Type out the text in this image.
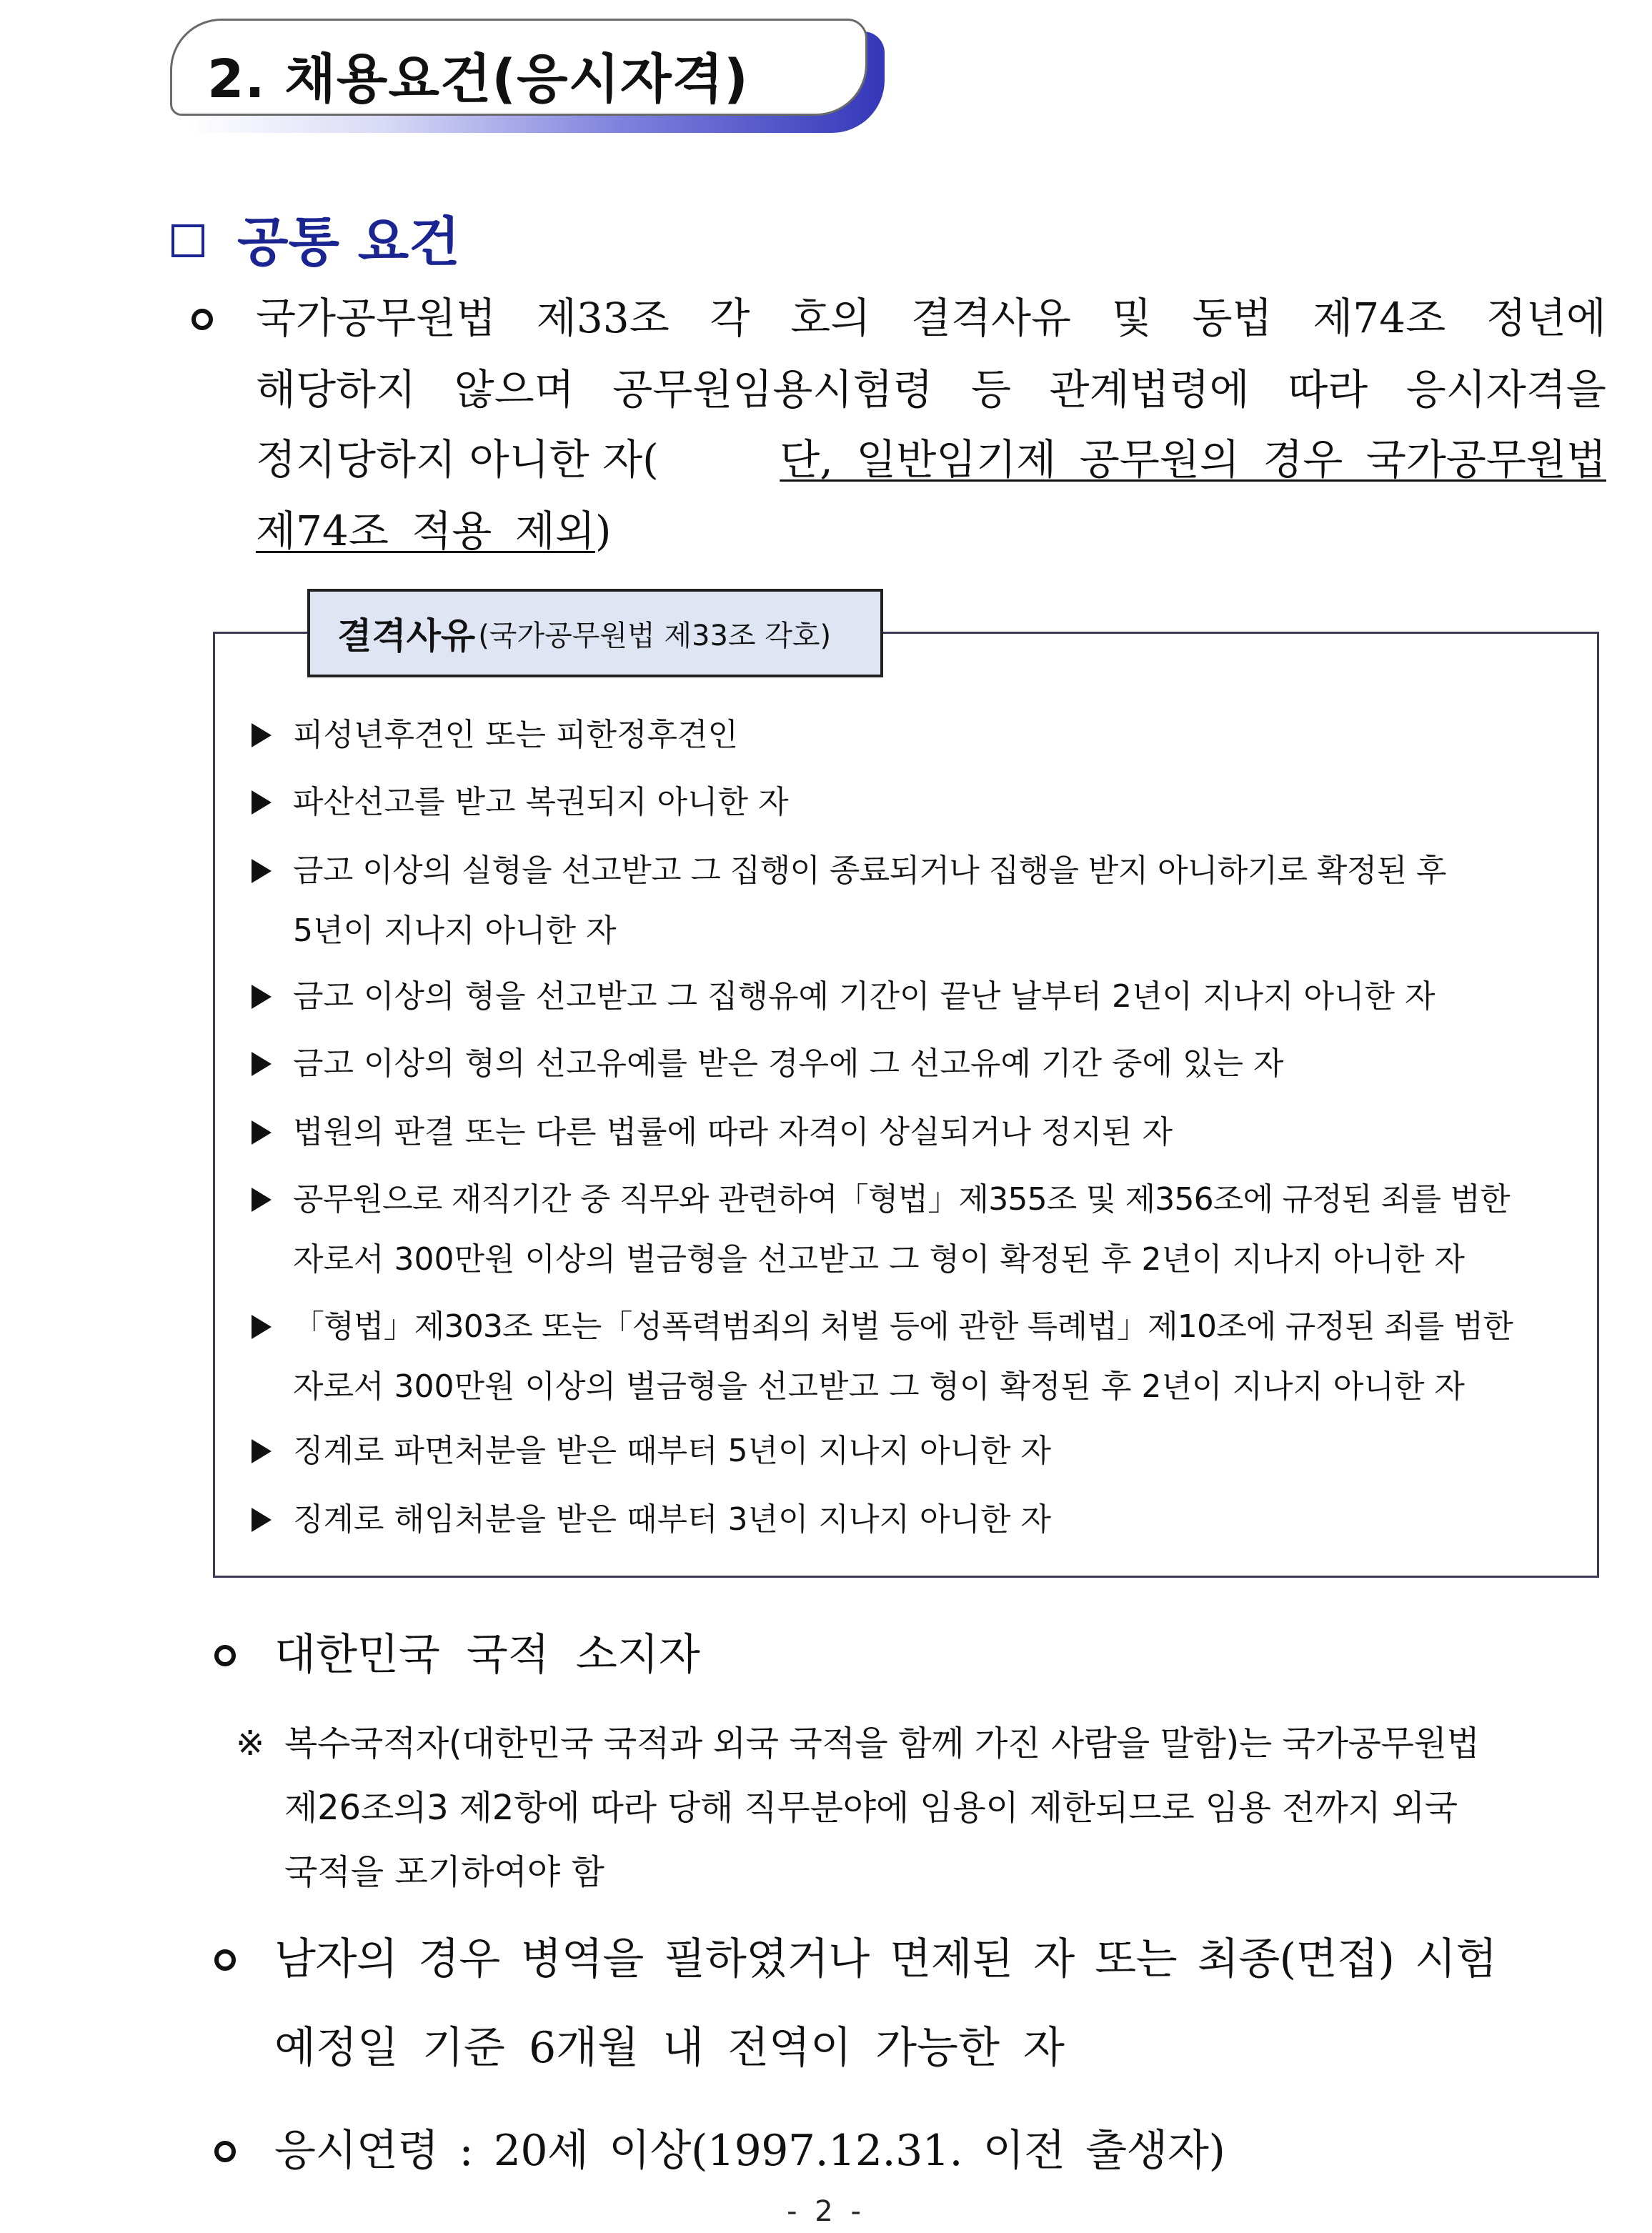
2. 채용요건(응시자격)
공통 요건
국가공무원법 제33조 각 호의 결격사유 및 동법 제74조 정년에
해당하지 않으며 공무원임용시험령 등 관계법령에 따라 응시자격을
정지당하지 아니한 자(	단, 일반임기제 공무원의 경우 국가공무원법
제74조 적용 제외)
결격사유 (국가공무원법 제33조 각호)
피성년후견인 또는 피한정후견인
파산선고를 받고 복권되지 아니한 자
금고 이상의 실형을 선고받고 그 집행이 종료되거나 집행을 받지 아니하기로 확정된 후
5년이 지나지 아니한 자
금고 이상의 형을 선고받고 그 집행유예 기간이 끝난 날부터 2년이 지나지 아니한 자
금고 이상의 형의 선고유예를 받은 경우에 그 선고유예 기간 중에 있는 자
법원의 판결 또는 다른 법률에 따라 자격이 상실되거나 정지된 자
공무원으로 재직기간 중 직무와 관련하여「형법」제355조 및 제356조에 규정된 죄를 범한
자로서 300만원 이상의 벌금형을 선고받고 그 형이 확정된 후 2년이 지나지 아니한 자
「형법」제303조 또는「성폭력범죄의 처벌 등에 관한 특례법」제10조에 규정된 죄를 범한
자로서 300만원 이상의 벌금형을 선고받고 그 형이 확정된 후 2년이 지나지 아니한 자
징계로 파면처분을 받은 때부터 5년이 지나지 아니한 자
징계로 해임처분을 받은 때부터 3년이 지나지 아니한 자
대한민국 국적 소지자
※ 복수국적자(대한민국 국적과 외국 국적을 함께 가진 사람을 말함)는 국가공무원법
제26조의3 제2항에 따라 당해 직무분야에 임용이 제한되므로 임용 전까지 외국
국적을 포기하여야 함
남자의 경우 병역을 필하였거나 면제된 자 또는 최종(면접) 시험
예정일 기준 6개월 내 전역이 가능한 자
응시연령 : 20세 이상(1997.12.31. 이전 출생자)
- 2 -
